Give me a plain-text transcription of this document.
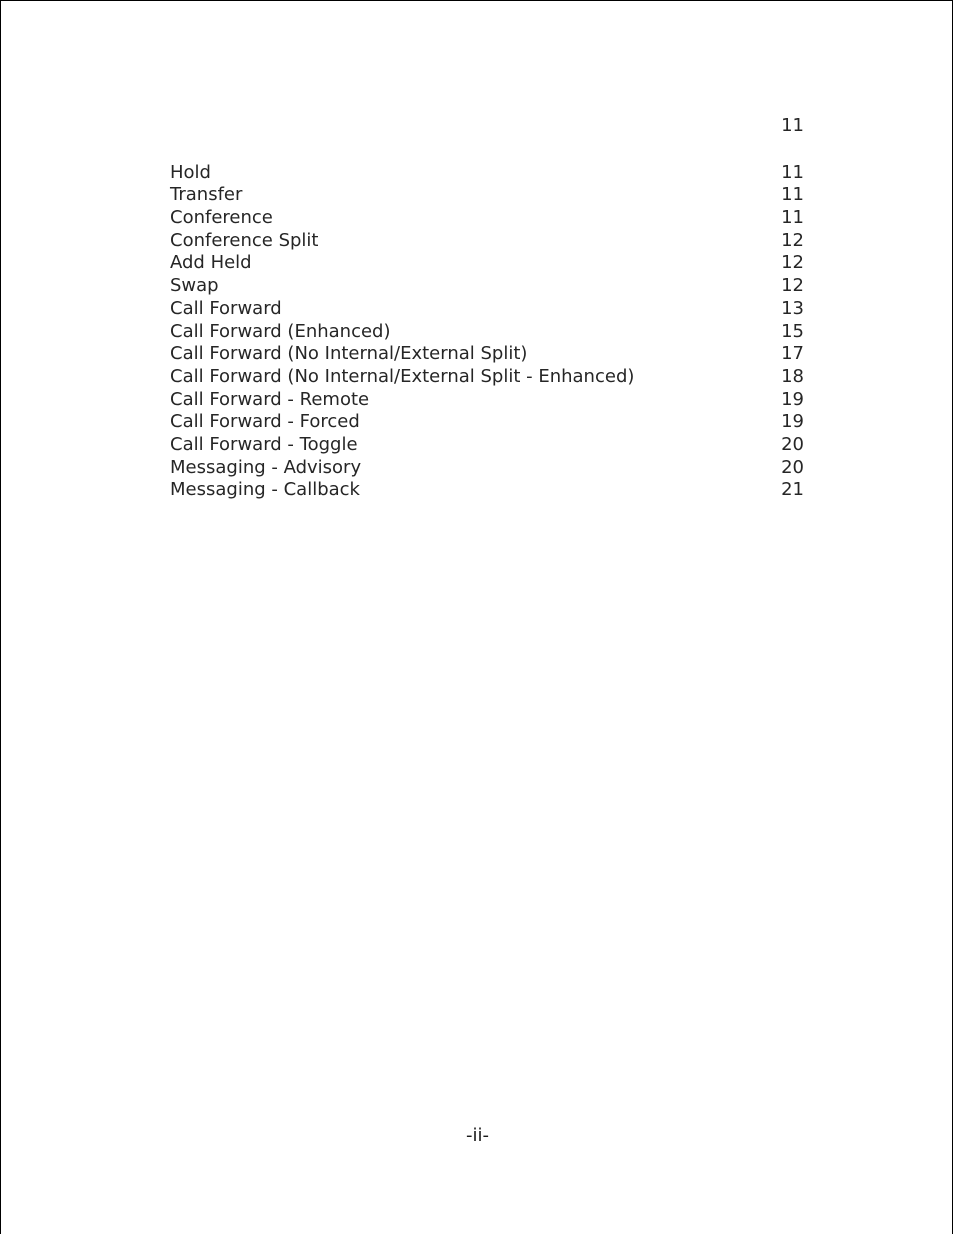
11
Hold	11
Transfer	11
Conference	11
Conference Split	12
Add Held	12
Swap	12
Call Forward	13
Call Forward (Enhanced)	15
Call Forward (No Internal/External Split)	17
Call Forward (No Internal/External Split - Enhanced)	18
Call Forward - Remote	19
Call Forward - Forced	19
Call Forward - Toggle	20
Messaging - Advisory	20
Messaging - Callback	21
-ii-
